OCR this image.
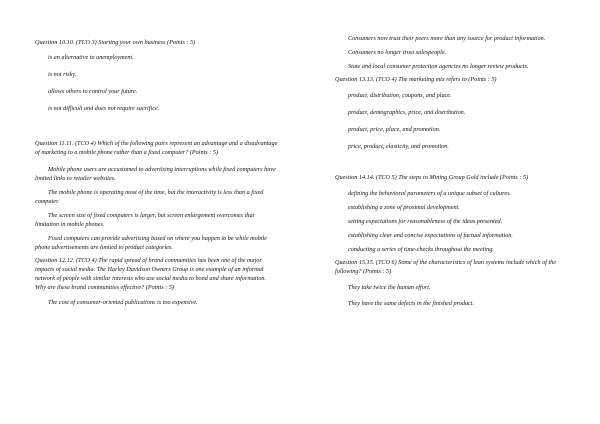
Question 10.10. (TCO 3) Starting your own business (Points : 5)

is an alternative to unemployment.

is not risky.

allows others to control your future.

is not difficult and does not require sacrifice.

Question 11.11. (TCO 4) Which of the following pairs represent an advantage and a disadvantage of marketing to a mobile phone rather than a fixed computer? (Points : 5)

Mobile phone users are accustomed to advertising interruptions while fixed computers have limited links to retailer websites.

The mobile phone is operating most of the time, but the interactivity is less than a fixed computer.

The screen size of fixed computers is larger, but screen enlargement overcomes that limitation in mobile phones.

Fixed computers can provide advertising based on where you happen to be while mobile phone advertisements are limited to product categories.

Question 12.12. (TCO 4) The rapid spread of brand communities has been one of the major impacts of social media. The Harley Davidson Owners Group is one example of an informal network of people with similar interests who use social media to bond and share information. Why are these brand communities effective? (Points : 5)

The cost of consumer-oriented publications is too expensive.

Consumers now trust their peers more than any source for product information.

Consumers no longer trust salespeople.

State and local consumer protection agencies no longer review products.

Question 13.13. (TCO 4) The marketing mix refers to (Points : 5)

product, distribution, coupons, and place.

product, demographics, price, and distribution.

product, price, place, and promotion.

price, product, elasticity, and promotion.

Question 14.14. (TCO 5) The steps to Mining Group Gold include (Points : 5)

defining the behavioral parameters of a unique subset of cultures.

establishing a zone of proximal development.

setting expectations for reasonableness of the ideas presented.

establishing clear and concise expectations of factual information.

conducting a series of time-checks throughout the meeting.

Question 15.15. (TCO 6) Some of the characteristics of lean systems include which of the following? (Points : 5)

They take twice the human effort.

They have the same defects in the finished product.
